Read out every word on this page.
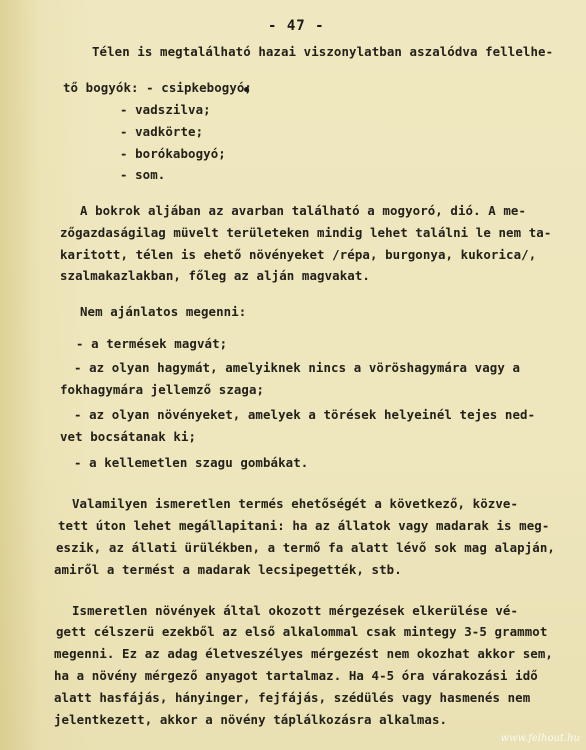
- 47 -
Télen is megtalálható hazai viszonylatban aszalódva fellelhe-
tő bogyók: - csipkebogyó;
- vadszilva;
- vadkörte;
- borókabogyó;
- som.
A bokrok aljában az avarban található a mogyoró, dió. A me-
zőgazdaságilag müvelt területeken mindig lehet találni le nem ta-
karitott, télen is ehető növényeket /répa, burgonya, kukorica/,
szalmakazlakban, főleg az alján magvakat.
Nem ajánlatos megenni:
- a termések magvát;
- az olyan hagymát, amelyiknek nincs a vöröshagymára vagy a
fokhagymára jellemző szaga;
- az olyan növényeket, amelyek a törések helyeinél tejes ned-
vet bocsátanak ki;
- a kellemetlen szagu gombákat.
Valamilyen ismeretlen termés ehetőségét a következő, közve-
tett úton lehet megállapitani: ha az állatok vagy madarak is meg-
eszik, az állati ürülékben, a termő fa alatt lévő sok mag alapján,
amiről a termést a madarak lecsipegették, stb.
Ismeretlen növények által okozott mérgezések elkerülése vé-
gett célszerü ezekből az első alkalommal csak mintegy 3-5 grammot
megenni. Ez az adag életveszélyes mérgezést nem okozhat akkor sem,
ha a növény mérgező anyagot tartalmaz. Ha 4-5 óra várakozási idő
alatt hasfájás, hányinger, fejfájás, szédülés vagy hasmenés nem
jelentkezett, akkor a növény táplálkozásra alkalmas.
www.felhout.hu
